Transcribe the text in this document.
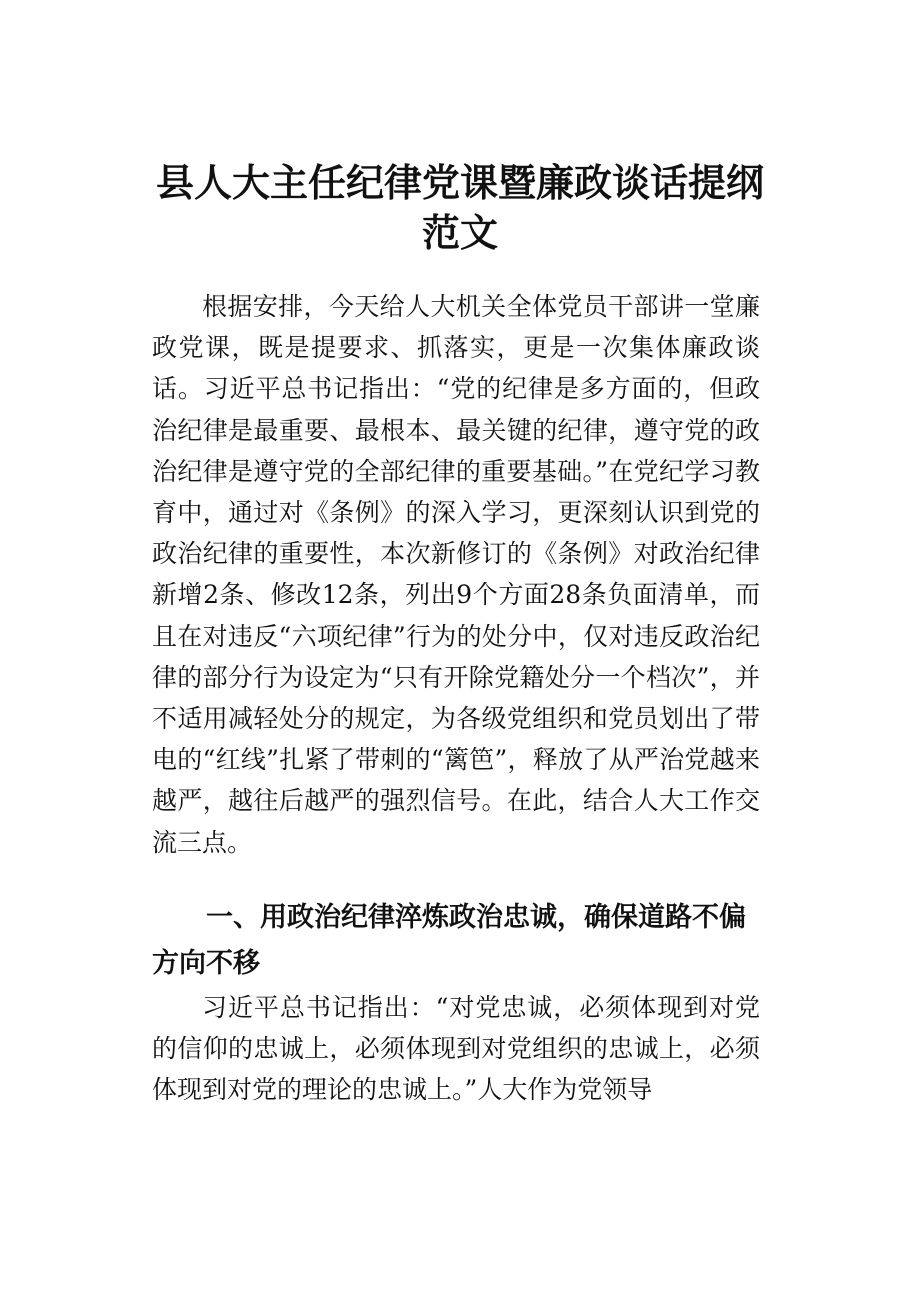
县人大主任纪律党课暨廉政谈话提纲范文

根据安排，今天给人大机关全体党员干部讲一堂廉政党课，既是提要求、抓落实，更是一次集体廉政谈话。习近平总书记指出：“党的纪律是多方面的，但政治纪律是最重要、最根本、最关键的纪律，遵守党的政治纪律是遵守党的全部纪律的重要基础。”在党纪学习教育中，通过对《条例》的深入学习，更深刻认识到党的政治纪律的重要性，本次新修订的《条例》对政治纪律新增2条、修改12条，列出9个方面28条负面清单，而且在对违反“六项纪律”行为的处分中，仅对违反政治纪律的部分行为设定为“只有开除党籍处分一个档次”，并不适用减轻处分的规定，为各级党组织和党员划出了带电的“红线”扎紧了带刺的“篱笆”，释放了从严治党越来越严，越往后越严的强烈信号。在此，结合人大工作交流三点。

一、用政治纪律淬炼政治忠诚，确保道路不偏方向不移

习近平总书记指出：“对党忠诚，必须体现到对党的信仰的忠诚上，必须体现到对党组织的忠诚上，必须体现到对党的理论的忠诚上。”人大作为党领导
